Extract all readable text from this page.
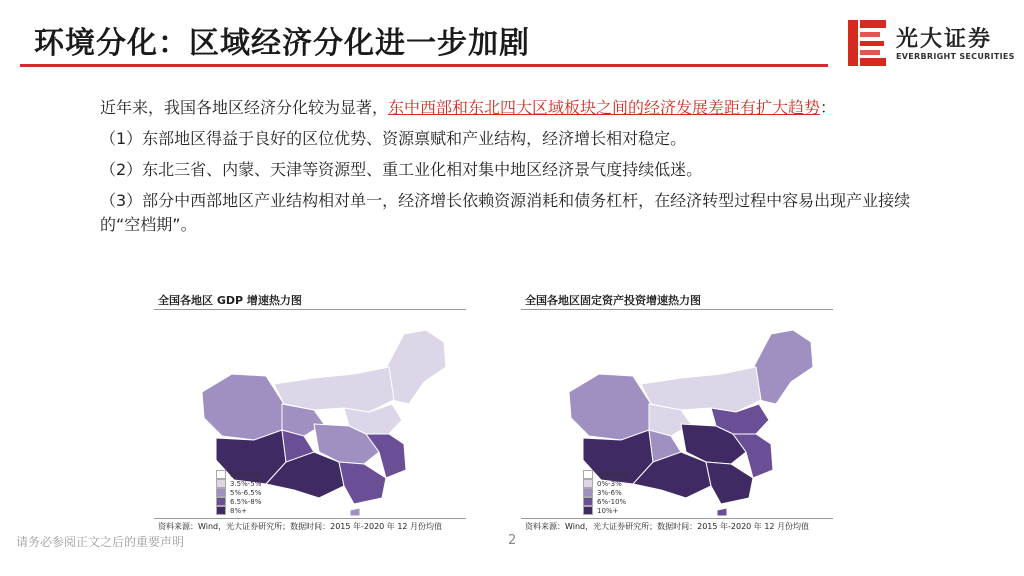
环境分化：区域经济分化进一步加剧	光大证券
EVERBRIGHT SECURITIES

近年来，我国各地区经济分化较为显著，东中西部和东北四大区域板块之间的经济发展差距有扩大趋势：

（1）东部地区得益于良好的区位优势、资源禀赋和产业结构，经济增长相对稳定。

（2）东北三省、内蒙、天津等资源型、重工业化相对集中地区经济景气度持续低迷。

（3）部分中西部地区产业结构相对单一，经济增长依赖资源消耗和债务杠杆，在经济转型过程中容易出现产业接续的“空档期”。

全国各地区 GDP 增速热力图
0%-3.5%
3.5%-5%
5%-6.5%
6.5%-8%
8%+
资料来源：Wind，光大证券研究所；数据时间：2015 年-2020 年 12 月份均值
全国各地区固定资产投资增速热力图
-15%-0%
0%-3%
3%-6%
6%-10%
10%+
资料来源：Wind，光大证券研究所；数据时间：2015 年-2020 年 12 月份均值
请务必参阅正文之后的重要声明	2
